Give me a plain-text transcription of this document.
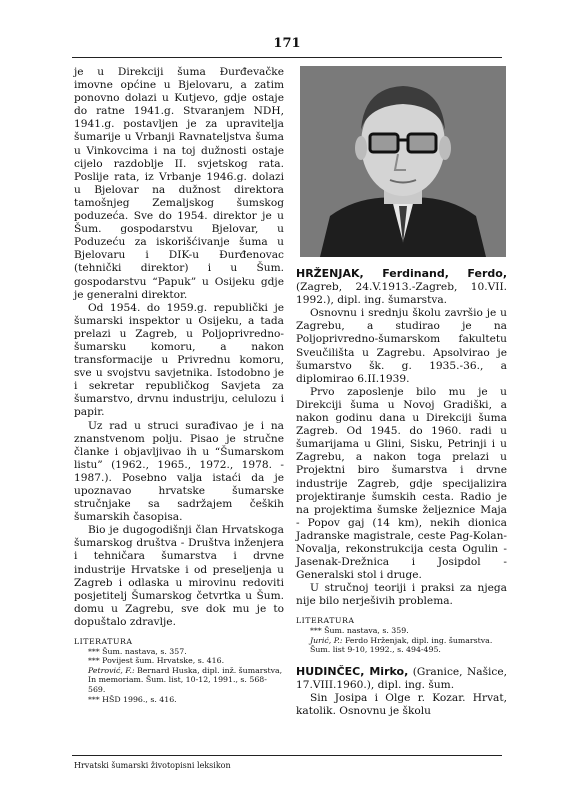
171

je u Direkciji šuma Đurđevačke imovne općine u Bjelovaru, a zatim ponovno dolazi u Kutjevo, gdje ostaje do ratne 1941.g. Stvaranjem NDH, 1941.g. postavljen je za upravitelja šumarije u Vrbanji Ravnateljstva šuma u Vinkovcima i na toj dužnosti ostaje cijelo razdoblje II. svjetskog rata. Poslije rata, iz Vrbanje 1946.g. dolazi u Bjelovar na dužnost direktora tamošnjeg Zemaljskog šumskog poduzeća. Sve do 1954. direktor je u Šum. gospodarstvu Bjelovar, u Poduzeću za iskorišćivanje šuma u Bjelovaru i DIK-u Đurđenovac (tehnički direktor) i u Šum. gospodarstvu “Papuk” u Osijeku gdje je generalni direktor.

Od 1954. do 1959.g. republički je šumarski inspektor u Osijeku, a tada prelazi u Zagreb, u Poljoprivredno-šumarsku komoru, a nakon transformacije u Privrednu komoru, sve u svojstvu savjetnika. Istodobno je i sekretar republičkog Savjeta za šumarstvo, drvnu industriju, celulozu i papir.

Uz rad u struci surađivao je i na znanstvenom polju. Pisao je stručne članke i objavljivao ih u “Šumarskom listu” (1962., 1965., 1972., 1978. - 1987.). Posebno valja istaći da je upoznavao hrvatske šumarske stručnjake sa sadržajem čeških šumarskih časopisa.

Bio je dugogodišnji član Hrvatskoga šumarskog društva - Društva inženjera i tehničara šumarstva i drvne industrije Hrvatske i od preseljenja u Zagreb i odlaska u mirovinu redoviti posjetitelj Šumarskog četvrtka u Šum. domu u Zagrebu, sve dok mu je to dopuštalo zdravlje.

LITERATURA
*** Šum. nastava, s. 357.
*** Povijest šum. Hrvatske, s. 416.
Petrović, F.: Bernard Huska, dipl. inž. šumarstva, In memoriam. Šum. list, 10-12, 1991., s. 568-569.
*** HŠD 1996., s. 416.

HRŽENJAK, Ferdinand, Ferdo, (Zagreb, 24.V.1913.-Zagreb, 10.VII. 1992.), dipl. ing. šumarstva.

Osnovnu i srednju školu završio je u Zagrebu, a studirao je na Poljoprivredno-šumarskom fakultetu Sveučilišta u Zagrebu. Apsolvirao je šumarstvo šk. g. 1935.-36., a diplomirao 6.II.1939.

Prvo zaposlenje bilo mu je u Direkciji šuma u Novoj Gradiški, a nakon godinu dana u Direkciji šuma Zagreb. Od 1945. do 1960. radi u šumarijama u Glini, Sisku, Petrinji i u Zagrebu, a nakon toga prelazi u Projektni biro šumarstva i drvne industrije Zagreb, gdje specijalizira projektiranje šumskih cesta. Radio je na projektima šumske željeznice Maja - Popov gaj (14 km), nekih dionica Jadranske magistrale, ceste Pag-Kolan-Novalja, rekonstrukcija cesta Ogulin - Jasenak-Drežnica i Josipdol - Generalski stol i druge.

U stručnoj teoriji i praksi za njega nije bilo nerješivih problema.

LITERATURA
*** Šum. nastava, s. 359.
Jurić, P.: Ferdo Hrženjak, dipl. ing. šumarstva. Šum. list 9-10, 1992., s. 494-495.

HUDINČEC, Mirko, (Granice, Našice, 17.VIII.1960.), dipl. ing. šum.

Sin Josipa i Olge r. Kozar. Hrvat, katolik. Osnovnu je školu

Hrvatski šumarski životopisni leksikon
